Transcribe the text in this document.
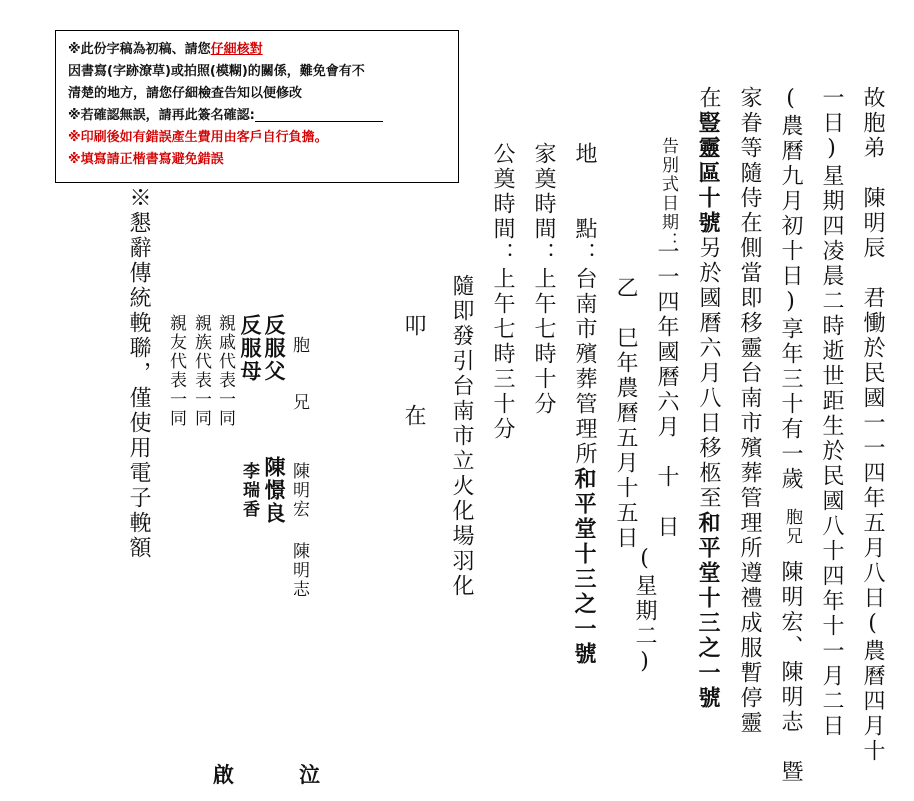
※此份字稿為初稿、請您仔細核對
因書寫(字跡潦草)或拍照(模糊)的關係，難免會有不
清楚的地方，請您仔細檢查告知以便修改
※若確認無誤，請再此簽名確認:
※印刷後如有錯誤產生費用由客戶自行負擔。
※填寫請正楷書寫避免錯誤	故胞弟　陳明辰　君慟於民國一一四年五月八日(農曆四月十
一日)星期四凌晨二時逝世距生於民國八十四年十一月二日
(農曆九月初十日)享年三十有一歲
胞兄
陳明宏、陳明志　暨
家眷等隨侍在側當即移靈台南市殯葬管理所遵禮成服暫停靈
在豎靈區十號另於國曆六月八日移柩至和平堂十三之一號
告別式日期：
一一四年國曆六月　十　日
乙　巳年農曆五月十五日
(星期二)
地　　點：台南市殯葬管理所和平堂十三之一號
家奠時間：上午七時十分
公奠時間：上午七時三十分
隨即發引台南市立火化場羽化
叩　　在
胞　　兄
陳明宏
陳明志
反服父
陳憬良
反服母
李瑞香
親戚代表一同
親族代表一同
親友代表一同
※懇辭傳統輓聯，僅使用電子輓額
泣
啟
